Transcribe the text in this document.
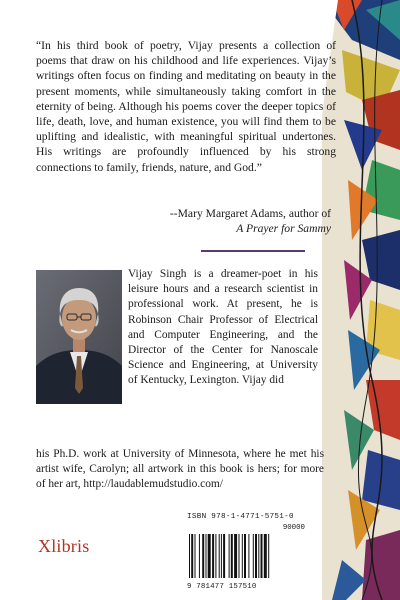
“In his third book of poetry, Vijay presents a collection of poems that draw on his childhood and life experiences. Vijay’s writings often focus on finding and meditating on beauty in the present moments, while simultaneously taking comfort in the eternity of being. Although his poems cover the deeper topics of life, death, love, and human existence, you will find them to be uplifting and idealistic, with meaningful spiritual undertones. His writings are profoundly influenced by his strong connections to family, friends, nature, and God.”

--Mary Margaret Adams, author of
A Prayer for Sammy

Vijay Singh is a dreamer-poet in his leisure hours and a research scientist in professional work. At present, he is Robinson Chair Professor of Electrical and Computer Engineering, and the Director of the Center for Nanoscale Science and Engineering, at University of Kentucky, Lexington. Vijay did

his Ph.D. work at University of Minnesota, where he met his artist wife, Carolyn; all artwork in this book is hers; for more of her art, http://laudablemudstudio.com/

Xlibris
ISBN 978-1-4771-5751-0
90000
9 781477 157510
